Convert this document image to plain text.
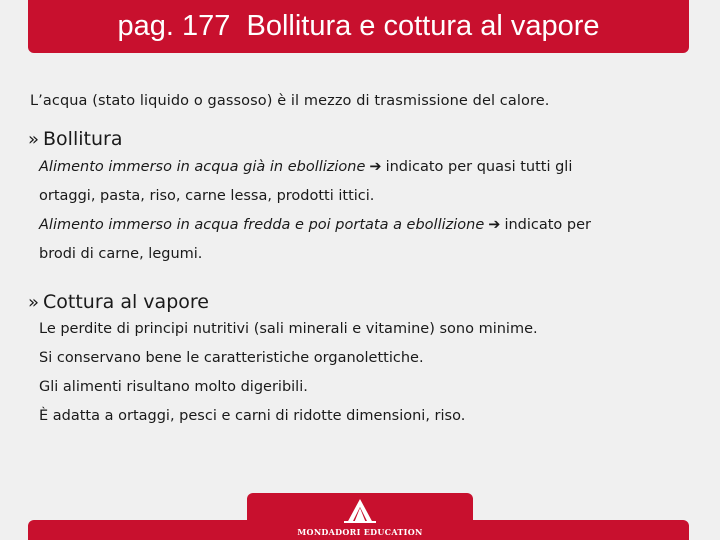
pag. 177  Bollitura e cottura al vapore

L’acqua (stato liquido o gassoso) è il mezzo di trasmissione del calore.

» Bollitura

Alimento immerso in acqua già in ebollizione ➔ indicato per quasi tutti gli
ortaggi, pasta, riso, carne lessa, prodotti ittici.
Alimento immerso in acqua fredda e poi portata a ebollizione ➔ indicato per
brodi di carne, legumi.

» Cottura al vapore

Le perdite di principi nutritivi (sali minerali e vitamine) sono minime.
Si conservano bene le caratteristiche organolettiche.
Gli alimenti risultano molto digeribili.
È adatta a ortaggi, pesci e carni di ridotte dimensioni, riso.
MONDADORI EDUCATION
